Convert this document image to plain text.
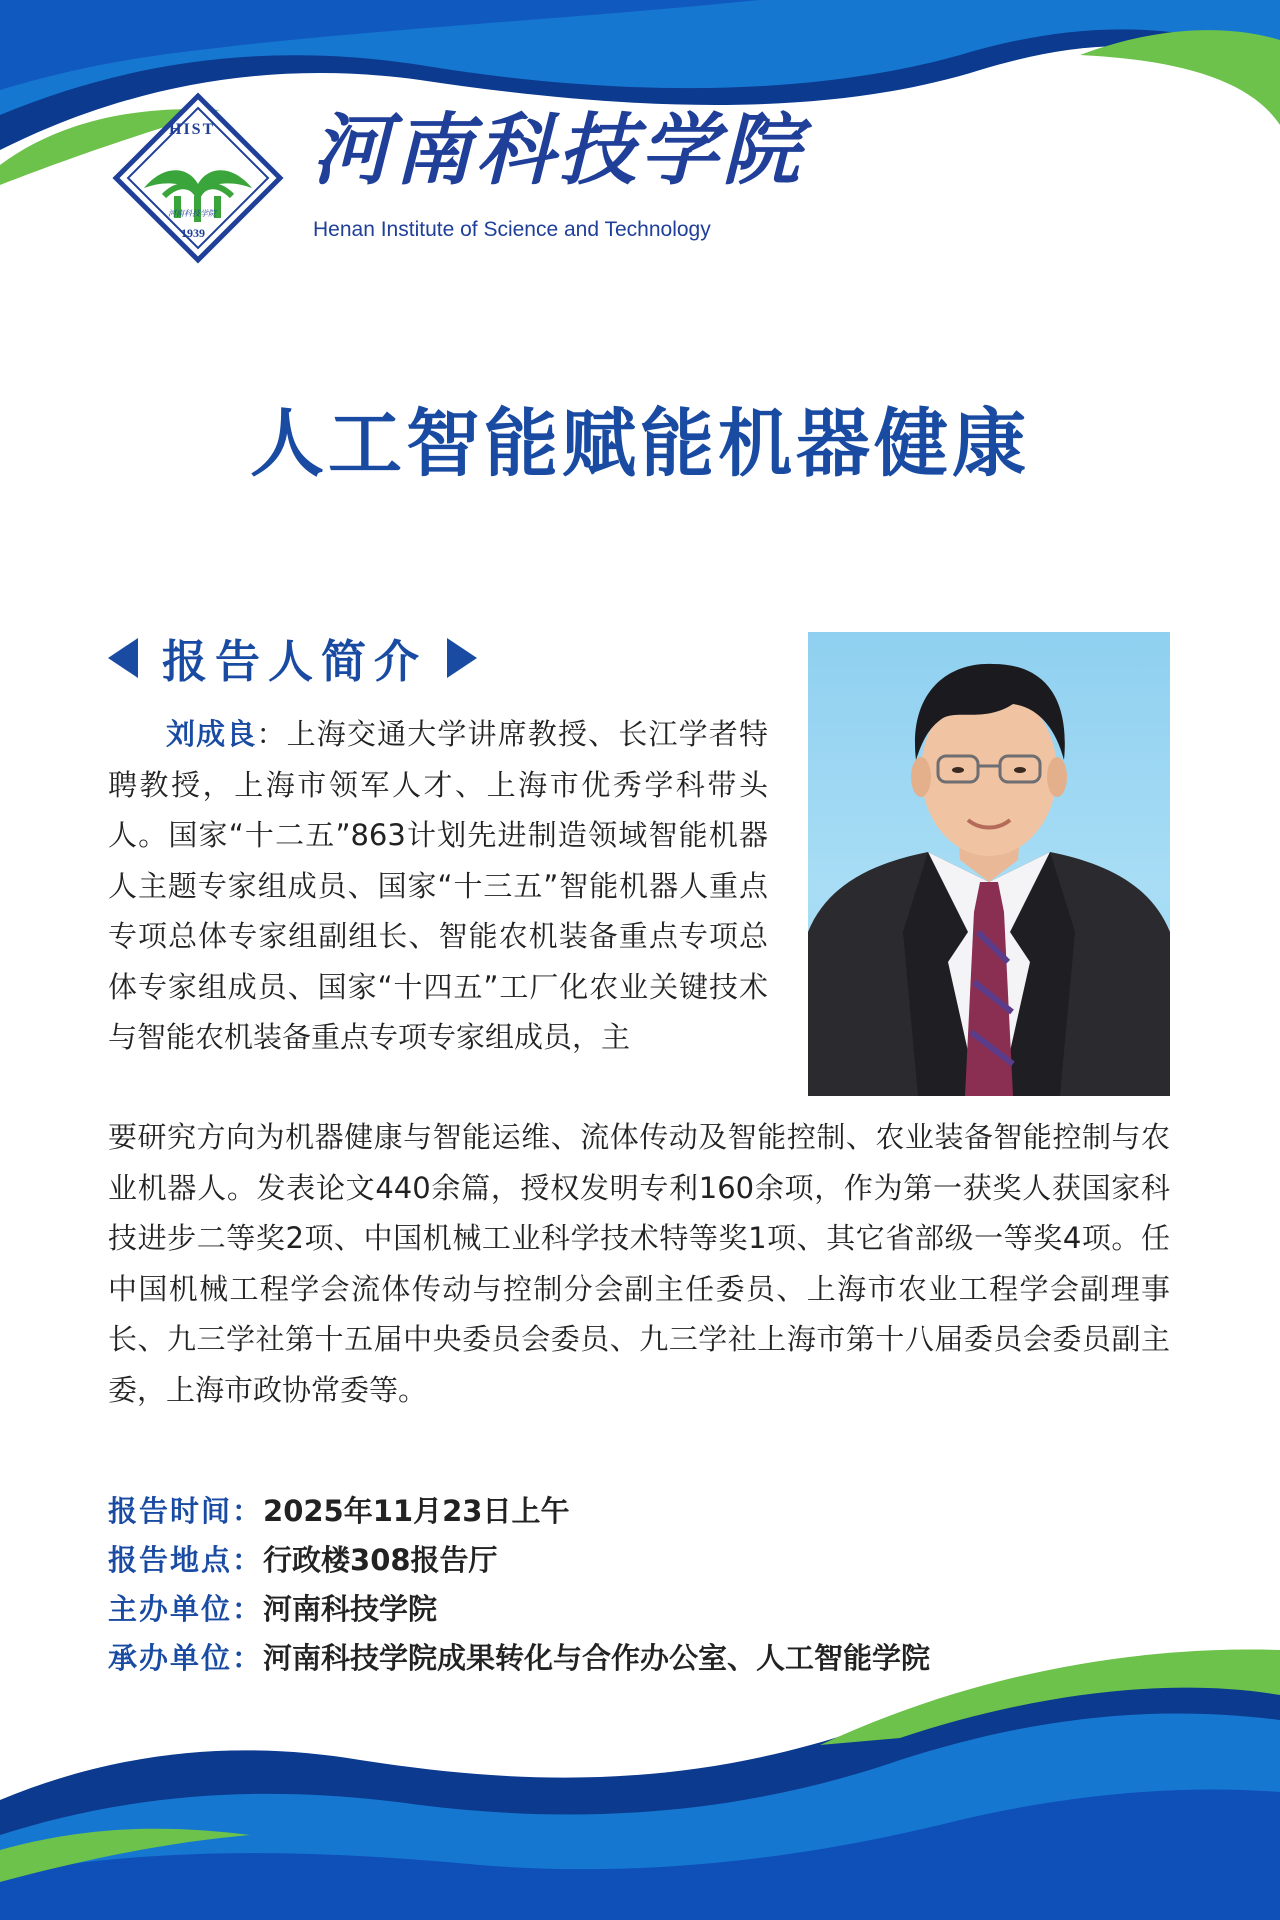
HIST
河南科技学院
1939
河南科技学院
Henan Institute of Science and Technology
人工智能赋能机器健康
报告人简介
刘成良：上海交通大学讲席教授、长江学者特聘教授，上海市领军人才、上海市优秀学科带头人。国家“十二五”863计划先进制造领域智能机器人主题专家组成员、国家“十三五”智能机器人重点专项总体专家组副组长、智能农机装备重点专项总体专家组成员、国家“十四五”工厂化农业关键技术与智能农机装备重点专项专家组成员，主
要研究方向为机器健康与智能运维、流体传动及智能控制、农业装备智能控制与农业机器人。发表论文440余篇，授权发明专利160余项，作为第一获奖人获国家科技进步二等奖2项、中国机械工业科学技术特等奖1项、其它省部级一等奖4项。任中国机械工程学会流体传动与控制分会副主任委员、上海市农业工程学会副理事长、九三学社第十五届中央委员会委员、九三学社上海市第十八届委员会委员副主委，上海市政协常委等。
报告时间：2025年11月23日上午
报告地点：行政楼308报告厅
主办单位：河南科技学院
承办单位：河南科技学院成果转化与合作办公室、人工智能学院
